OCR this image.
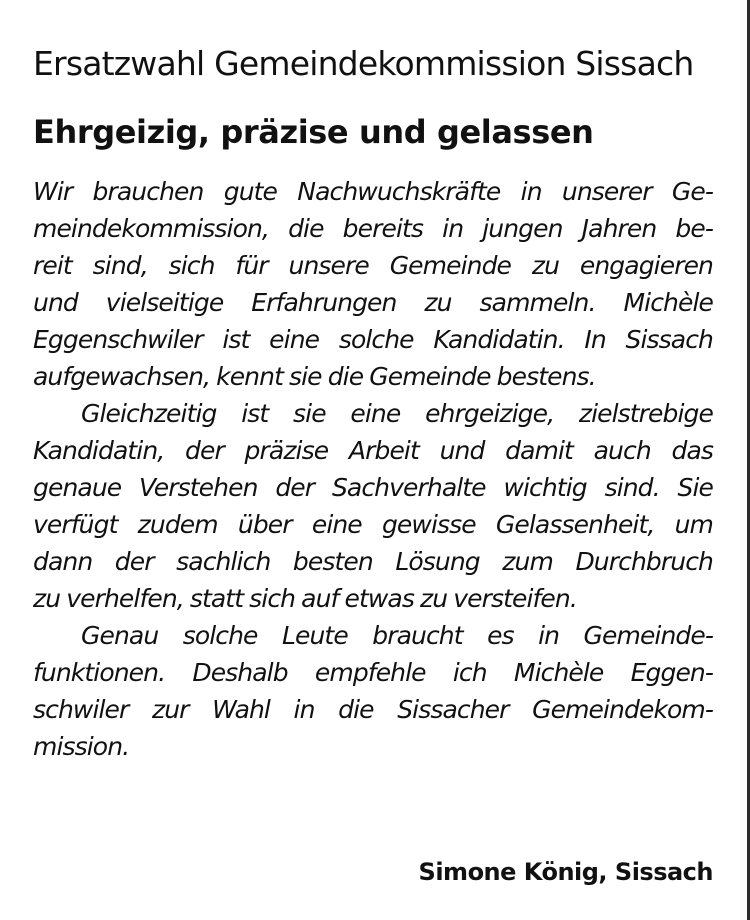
Ersatzwahl Gemeindekommission Sissach
Ehrgeizig, präzise und gelassen
Wir brauchen gute Nachwuchskräfte in unserer Ge-
meindekommission, die bereits in jungen Jahren be-
reit sind, sich für unsere Gemeinde zu engagieren
und vielseitige Erfahrungen zu sammeln. Michèle
Eggenschwiler ist eine solche Kandidatin. In Sissach
aufgewachsen, kennt sie die Gemeinde bestens.
Gleichzeitig ist sie eine ehrgeizige, zielstrebige
Kandidatin, der präzise Arbeit und damit auch das
genaue Verstehen der Sachverhalte wichtig sind. Sie
verfügt zudem über eine gewisse Gelassenheit, um
dann der sachlich besten Lösung zum Durchbruch
zu verhelfen, statt sich auf etwas zu versteifen.
Genau solche Leute braucht es in Gemeinde-
funktionen. Deshalb empfehle ich Michèle Eggen-
schwiler zur Wahl in die Sissacher Gemeindekom-
mission.
Simone König, Sissach
